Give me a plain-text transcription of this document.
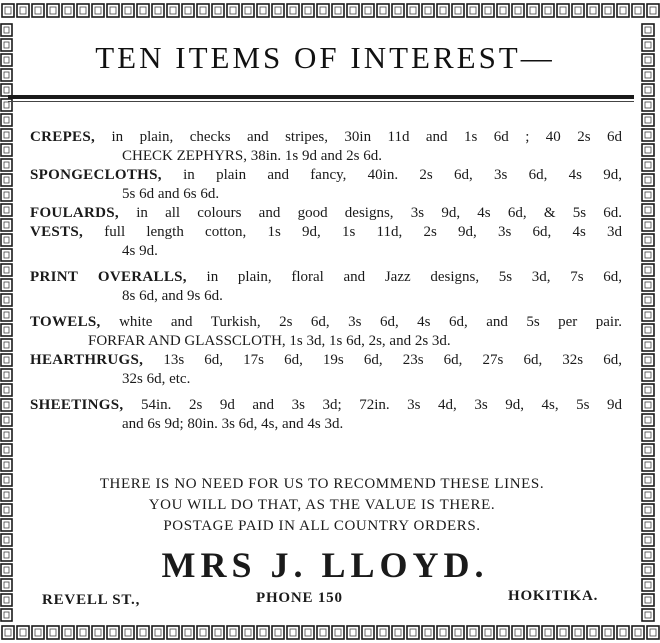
TEN ITEMS OF INTEREST—
CREPES, in plain, checks and stripes, 30in 11d and 1s 6d ; 40 2s 6d
CHECK ZEPHYRS, 38in. 1s 9d and 2s 6d.
SPONGECLOTHS, in plain and fancy, 40in. 2s 6d, 3s 6d, 4s 9d,
5s 6d and 6s 6d.
FOULARDS, in all colours and good designs, 3s 9d, 4s 6d, & 5s 6d.
VESTS, full length cotton, 1s 9d, 1s 11d, 2s 9d, 3s 6d, 4s 3d
4s 9d.
PRINT OVERALLS, in plain, floral and Jazz designs, 5s 3d, 7s 6d,
8s 6d, and 9s 6d.
TOWELS, white and Turkish, 2s 6d, 3s 6d, 4s 6d, and 5s per pair.
FORFAR AND GLASSCLOTH, 1s 3d, 1s 6d, 2s, and 2s 3d.
HEARTHRUGS, 13s 6d, 17s 6d, 19s 6d, 23s 6d, 27s 6d, 32s 6d,
32s 6d, etc.
SHEETINGS, 54in. 2s 9d and 3s 3d; 72in. 3s 4d, 3s 9d, 4s, 5s 9d
and 6s 9d; 80in. 3s 6d, 4s, and 4s 3d.
THERE IS NO NEED FOR US TO RECOMMEND THESE LINES.
YOU WILL DO THAT, AS THE VALUE IS THERE.
POSTAGE PAID IN ALL COUNTRY ORDERS.
MRS J. LLOYD.
REVELL ST.,	PHONE 150	HOKITIKA.
